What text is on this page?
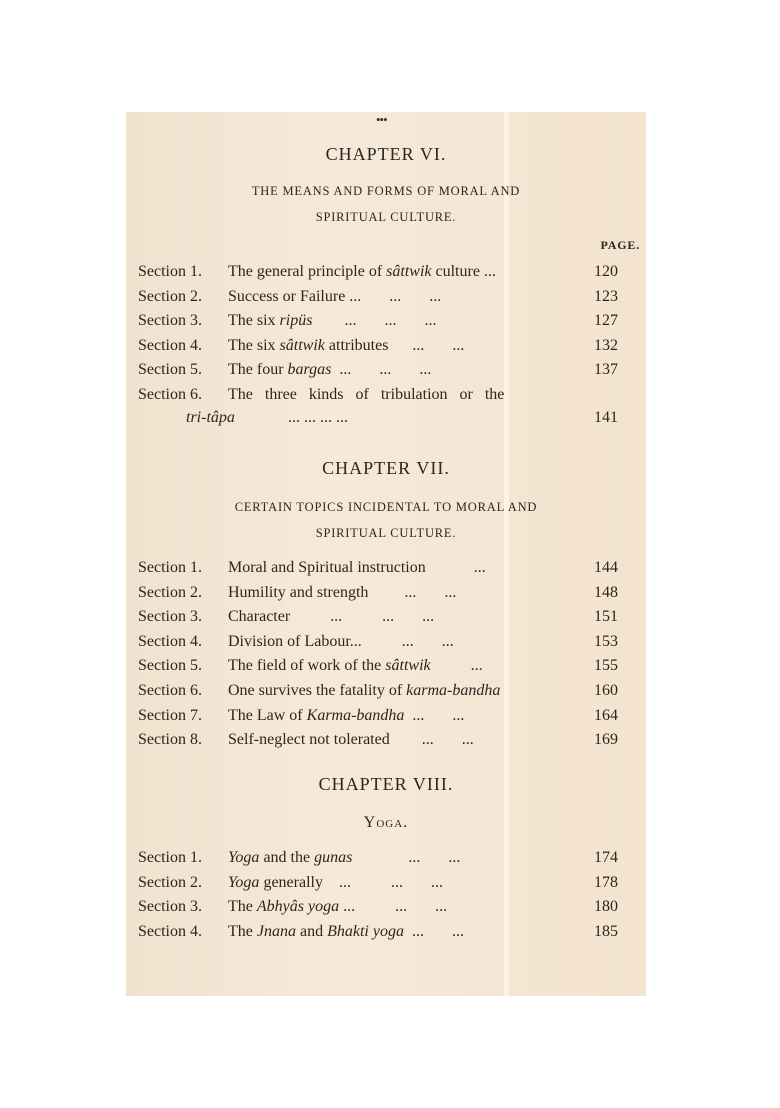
•••
CHAPTER VI.
THE MEANS AND FORMS OF MORAL AND
SPIRITUAL CULTURE.
PAGE.
Section 1. The general principle of sâttwik culture ...	120
Section 2. Success or Failure ...       ...       ...	123
Section 3. The six ripüs        ...       ...       ...	127
Section 4. The six sâttwik attributes      ...       ...	132
Section 5. The four bargas  ...       ...       ...	137
Section 6. The   three   kinds   of   tribulation   or   the
tri-tâpa	... ... ... ...	141
CHAPTER VII.
CERTAIN TOPICS INCIDENTAL TO MORAL AND
SPIRITUAL CULTURE.
Section 1. Moral and Spiritual instruction            ...	144
Section 2. Humility and strength         ...       ...	148
Section 3. Character          ...          ...       ...	151
Section 4. Division of Labour...          ...       ...	153
Section 5. The field of work of the sâttwik          ...	155
Section 6. One survives the fatality of karma-bandha	160
Section 7. The Law of Karma-bandha  ...       ...	164
Section 8. Self-neglect not tolerated        ...       ...	169
CHAPTER VIII.
Yoga.
Section 1. Yoga and the gunas              ...       ...	174
Section 2. Yoga generally    ...          ...       ...	178
Section 3. The Abhyâs yoga ...          ...       ...	180
Section 4. The Jnana and Bhakti yoga  ...       ...	185
